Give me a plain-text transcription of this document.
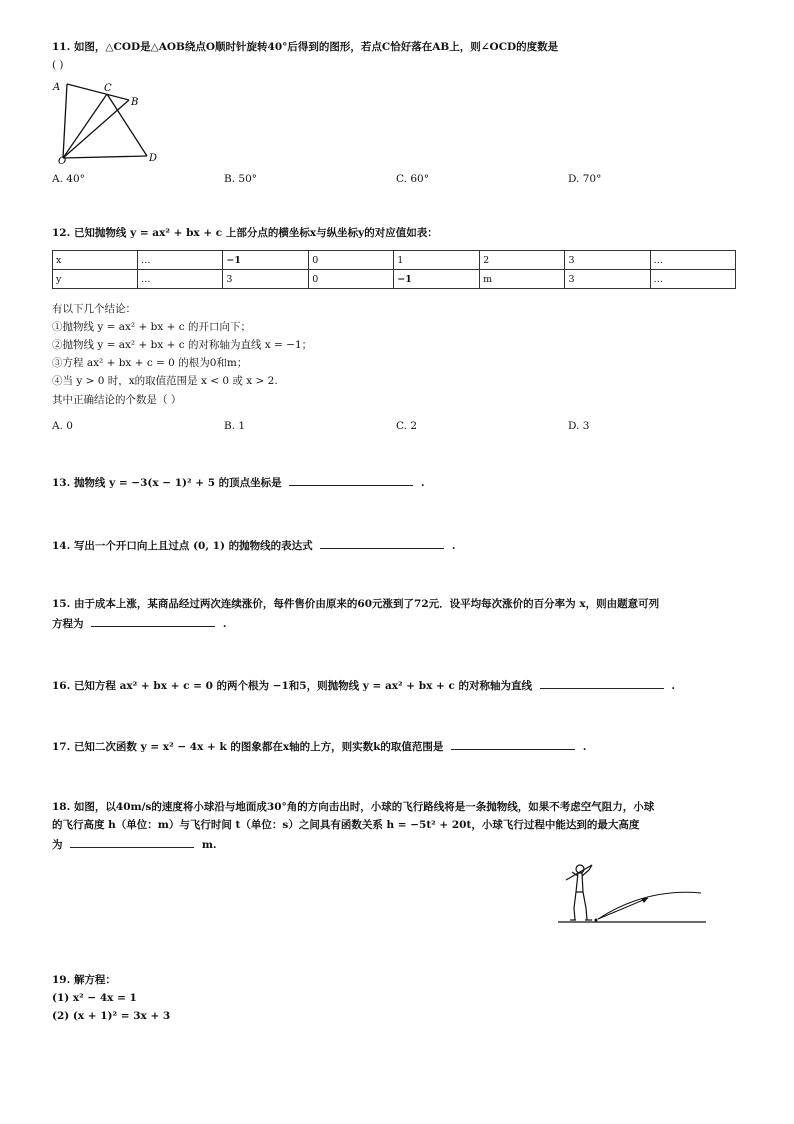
11. 如图，△COD是△AOB绕点O顺时针旋转40°后得到的图形，若点C恰好落在AB上，则∠OCD的度数是
( )
A	C
B
O	D
A. 40°	B. 50°	C. 60°	D. 70°
12. 已知抛物线 y = ax² + bx + c 上部分点的横坐标x与纵坐标y的对应值如表：
x	…	−1	0	1	2	3	…
y	…	3	0	−1	m	3	…
有以下几个结论：
①抛物线 y = ax² + bx + c 的开口向下；
②抛物线 y = ax² + bx + c 的对称轴为直线 x = −1；
③方程 ax² + bx + c = 0 的根为0和m；
④当 y > 0 时，x的取值范围是 x < 0 或 x > 2.
其中正确结论的个数是（ ）
A. 0	B. 1	C. 2	D. 3
13. 抛物线 y = −3(x − 1)² + 5 的顶点坐标是	.
14. 写出一个开口向上且过点 (0, 1) 的抛物线的表达式	.
15. 由于成本上涨，某商品经过两次连续涨价，每件售价由原来的60元涨到了72元．设平均每次涨价的百分率为 x，则由题意可列
方程为	.
16. 已知方程 ax² + bx + c = 0 的两个根为 −1和5，则抛物线 y = ax² + bx + c 的对称轴为直线	.
17. 已知二次函数 y = x² − 4x + k 的图象都在x轴的上方，则实数k的取值范围是	.
18. 如图，以40m/s的速度将小球沿与地面成30°角的方向击出时，小球的飞行路线将是一条抛物线，如果不考虑空气阻力，小球
的飞行高度 h（单位：m）与飞行时间 t（单位：s）之间具有函数关系 h = −5t² + 20t，小球飞行过程中能达到的最大高度
为	m.
19. 解方程：
(1) x² − 4x = 1
(2) (x + 1)² = 3x + 3
